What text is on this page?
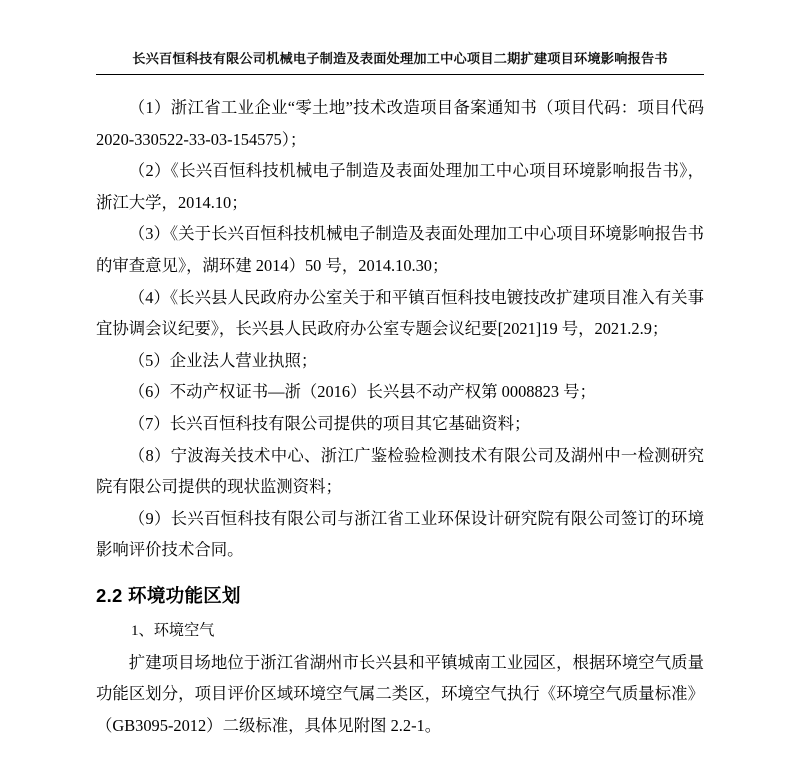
长兴百恒科技有限公司机械电子制造及表面处理加工中心项目二期扩建项目环境影响报告书

（1）浙江省工业企业“零土地”技术改造项目备案通知书（项目代码：项目代码 2020-330522-33-03-154575）；

（2）《长兴百恒科技机械电子制造及表面处理加工中心项目环境影响报告书》，浙江大学，2014.10；

（3）《关于长兴百恒科技机械电子制造及表面处理加工中心项目环境影响报告书的审查意见》，湖环建 2014）50 号，2014.10.30；

（4）《长兴县人民政府办公室关于和平镇百恒科技电镀技改扩建项目准入有关事宜协调会议纪要》，长兴县人民政府办公室专题会议纪要[2021]19 号，2021.2.9；

（5）企业法人营业执照；

（6）不动产权证书—浙（2016）长兴县不动产权第 0008823 号；

（7）长兴百恒科技有限公司提供的项目其它基础资料；

（8）宁波海关技术中心、浙江广鉴检验检测技术有限公司及湖州中一检测研究院有限公司提供的现状监测资料；

（9）长兴百恒科技有限公司与浙江省工业环保设计研究院有限公司签订的环境影响评价技术合同。

2.2 环境功能区划

1、环境空气

扩建项目场地位于浙江省湖州市长兴县和平镇城南工业园区，根据环境空气质量功能区划分，项目评价区域环境空气属二类区，环境空气执行《环境空气质量标准》（GB3095-2012）二级标准，具体见附图 2.2-1。
